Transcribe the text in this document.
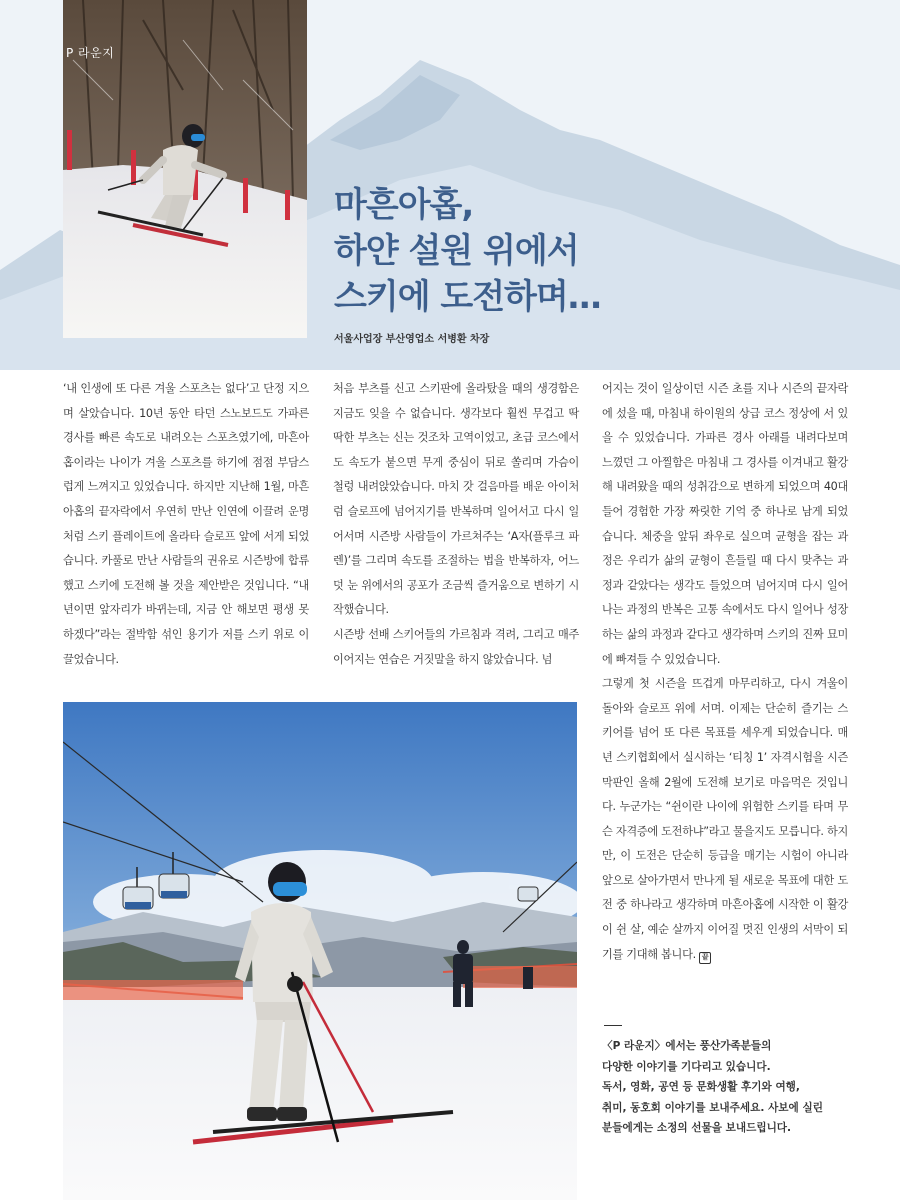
P 라운지
마흔아홉,
하얀 설원 위에서
스키에 도전하며…
서울사업장 부산영업소 서병환 차장

‘내 인생에 또 다른 겨울 스포츠는 없다’고 단정 지으며 살았습니다. 10년 동안 타던 스노보드도 가파른 경사를 빠른 속도로 내려오는 스포츠였기에, 마흔아홉이라는 나이가 겨울 스포츠를 하기에 점점 부담스럽게 느껴지고 있었습니다. 하지만 지난해 1월, 마흔아홉의 끝자락에서 우연히 만난 인연에 이끌려 운명처럼 스키 플레이트에 올라타 슬로프 앞에 서게 되었습니다. 카풀로 만난 사람들의 권유로 시즌방에 합류했고 스키에 도전해 볼 것을 제안받은 것입니다. “내년이면 앞자리가 바뀌는데, 지금 안 해보면 평생 못 하겠다”라는 절박함 섞인 용기가 저를 스키 위로 이끌었습니다.

처음 부츠를 신고 스키판에 올라탔을 때의 생경함은 지금도 잊을 수 없습니다. 생각보다 훨씬 무겁고 딱딱한 부츠는 신는 것조차 고역이었고, 초급 코스에서도 속도가 붙으면 무게 중심이 뒤로 쏠리며 가슴이 철렁 내려앉았습니다. 마치 갓 걸음마를 배운 아이처럼 슬로프에 넘어지기를 반복하며 일어서고 다시 일어서며 시즌방 사람들이 가르쳐주는 ‘A자(플루크 파렌)’를 그리며 속도를 조절하는 법을 반복하자, 어느덧 눈 위에서의 공포가 조금씩 즐거움으로 변하기 시작했습니다.

시즌방 선배 스키어들의 가르침과 격려, 그리고 매주 이어지는 연습은 거짓말을 하지 않았습니다. 넘

어지는 것이 일상이던 시즌 초를 지나 시즌의 끝자락에 섰을 때, 마침내 하이원의 상급 코스 정상에 서 있을 수 있었습니다. 가파른 경사 아래를 내려다보며 느꼈던 그 아찔함은 마침내 그 경사를 이겨내고 활강해 내려왔을 때의 성취감으로 변하게 되었으며 40대 들어 경험한 가장 짜릿한 기억 중 하나로 남게 되었습니다. 체중을 앞뒤 좌우로 실으며 균형을 잡는 과정은 우리가 삶의 균형이 흔들릴 때 다시 맞추는 과정과 같았다는 생각도 들었으며 넘어지며 다시 일어나는 과정의 반복은 고통 속에서도 다시 일어나 성장하는 삶의 과정과 같다고 생각하며 스키의 진짜 묘미에 빠져들 수 있었습니다.

그렇게 첫 시즌을 뜨겁게 마무리하고, 다시 겨울이 돌아와 슬로프 위에 서며. 이제는 단순히 즐기는 스키어를 넘어 또 다른 목표를 세우게 되었습니다. 매년 스키협회에서 실시하는 ‘티칭 1’ 자격시험을 시즌 막판인 올해 2월에 도전해 보기로 마음먹은 것입니다. 누군가는 “쉰이란 나이에 위험한 스키를 타며 무슨 자격증에 도전하냐”라고 물을지도 모릅니다. 하지만, 이 도전은 단순히 등급을 매기는 시험이 아니라 앞으로 살아가면서 만나게 될 새로운 목표에 대한 도전 중 하나라고 생각하며 마흔아홉에 시작한 이 활강이 쉰 살, 예순 살까지 이어질 멋진 인생의 서막이 되기를 기대해 봅니다. 끝

〈P 라운지〉에서는 풍산가족분들의
다양한 이야기를 기다리고 있습니다.
독서, 영화, 공연 등 문화생활 후기와 여행,
취미, 동호회 이야기를 보내주세요. 사보에 실린
분들에게는 소정의 선물을 보내드립니다.
